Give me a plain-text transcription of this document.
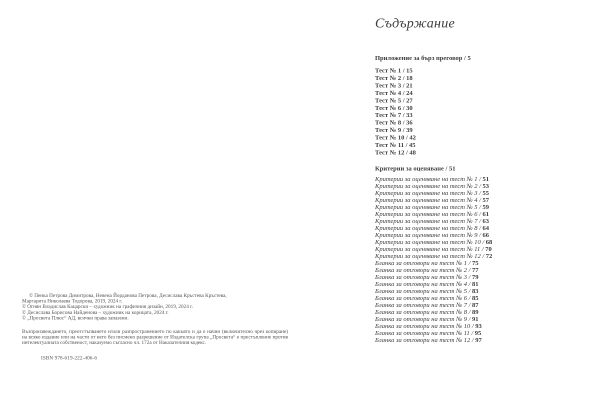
© Пенка Петрова Димитрова, Невена Йорданова Петрова, Десислава Кръстева Кръстева,
Маргарита Николаева Тодорова, 2019, 2024 г.
© Огнян Владислав Кацарски – художник на графичния дизайн, 2019, 2024 г.
© Десислава Борисова Найденова – художник на корицата, 2024 г.
© „Просвета Плюс“ АД, всички права запазени.

Възпроизвеждането, преотстъпването и/или разпространението по какъвто и да е начин (включително чрез копиране) на всяко издание или на части от него без писмено разрешение от Издателска група „Просвета“ е престъпление против интелектуалната собственост, наказуемо съгласно чл. 172а от Наказателния кодекс.

ISBN 978-619-222-406-6
Съдържание
Приложение за бърз преговор / 5
Тест № 1 / 15
Тест № 2 / 18
Тест № 3 / 21
Тест № 4 / 24
Тест № 5 / 27
Тест № 6 / 30
Тест № 7 / 33
Тест № 8 / 36
Тест № 9 / 39
Тест № 10 / 42
Тест № 11 / 45
Тест № 12 / 48
Критерии за оценяване / 51
Критерии за оценяване на тест № 1 / 51
Критерии за оценяване на тест № 2 / 53
Критерии за оценяване на тест № 3 / 55
Критерии за оценяване на тест № 4 / 57
Критерии за оценяване на тест № 5 / 59
Критерии за оценяване на тест № 6 / 61
Критерии за оценяване на тест № 7 / 63
Критерии за оценяване на тест № 8 / 64
Критерии за оценяване на тест № 9 / 66
Критерии за оценяване на тест № 10 / 68
Критерии за оценяване на тест № 11 / 70
Критерии за оценяване на тест № 12 / 72
Бланка за отговори на тест № 1 / 75
Бланка за отговори на тест № 2 / 77
Бланка за отговори на тест № 3 / 79
Бланка за отговори на тест № 4 / 81
Бланка за отговори на тест № 5 / 83
Бланка за отговори на тест № 6 / 85
Бланка за отговори на тест № 7 / 87
Бланка за отговори на тест № 8 / 89
Бланка за отговори на тест № 9 / 91
Бланка за отговори на тест № 10 / 93
Бланка за отговори на тест № 11 / 95
Бланка за отговори на тест № 12 / 97
